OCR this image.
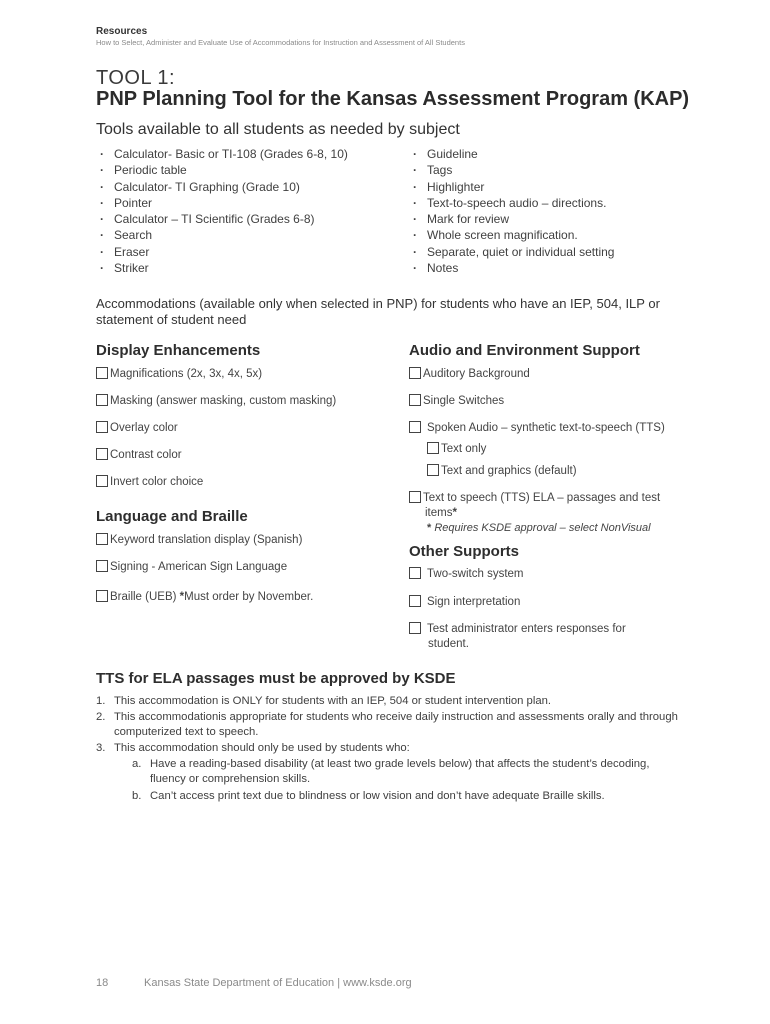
Resources
How to Select, Administer and Evaluate Use of Accommodations for Instruction and Assessment of All Students
TOOL 1:
PNP Planning Tool for the Kansas Assessment Program (KAP)
Tools available to all students as needed by subject
· Calculator- Basic or TI-108 (Grades 6-8, 10)
· Periodic table
· Calculator- TI Graphing (Grade 10)
· Pointer
· Calculator – TI Scientific (Grades 6-8)
· Search
· Eraser
· Striker
· Guideline
· Tags
· Highlighter
· Text-to-speech audio – directions.
· Mark for review
· Whole screen magnification.
· Separate, quiet or individual setting
· Notes
Accommodations (available only when selected in PNP) for students who have an IEP, 504, ILP or statement of student need
Display Enhancements
Magnifications (2x, 3x, 4x, 5x)
Masking (answer masking, custom masking)
Overlay color
Contrast color
Invert color choice
Language and Braille
Keyword translation display (Spanish)
Signing - American Sign Language
Braille (UEB) *Must order by November.
Audio and Environment Support
Auditory Background
Single Switches
Spoken Audio – synthetic text-to-speech (TTS)
Text only
Text and graphics (default)
Text to speech (TTS) ELA – passages and test items*
* Requires KSDE approval – select NonVisual
Other Supports
Two-switch system
Sign interpretation
Test administrator enters responses for student.
TTS for ELA passages must be approved by KSDE
1. This accommodation is ONLY for students with an IEP, 504 or student intervention plan.
2. This accommodationis appropriate for students who receive daily instruction and assessments orally and through computerized text to speech.
3. This accommodation should only be used by students who:
a. Have a reading-based disability (at least two grade levels below) that affects the student’s decoding, fluency or comprehension skills.
b. Can’t access print text due to blindness or low vision and don’t have adequate Braille skills.
18	Kansas State Department of Education | www.ksde.org
